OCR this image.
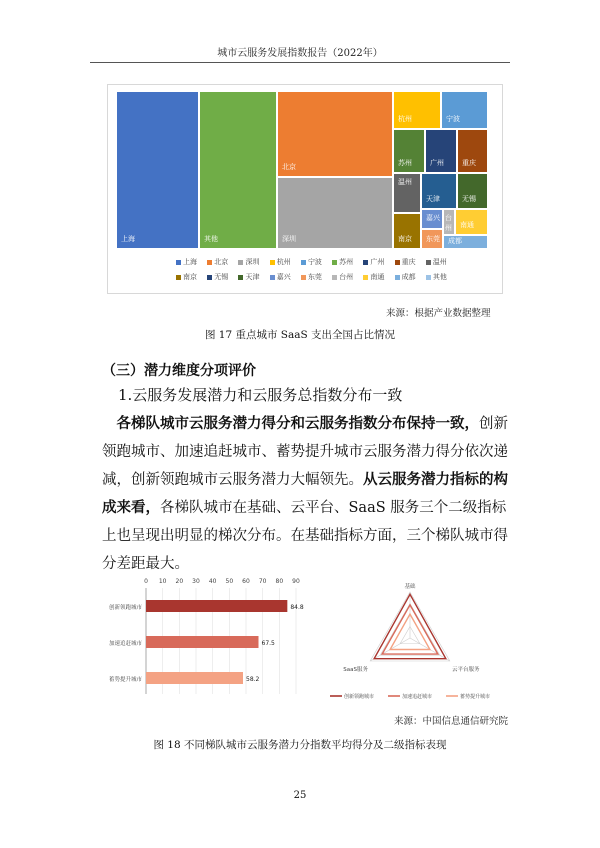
城市云服务发展指数报告（2022年）
上海	其他
北京
深圳
杭州	宁波
苏州	广州	重庆
温州
天津
南京
无锡
嘉兴
东莞
台州 南通
成都
上海 北京 深圳 杭州 宁波 苏州 广州 重庆 温州
南京 无锡 天津 嘉兴 东莞 台州 南通 成都 其他
来源：根据产业数据整理
图 17 重点城市 SaaS 支出全国占比情况
（三）潜力维度分项评价
1.云服务发展潜力和云服务总指数分布一致
各梯队城市云服务潜力得分和云服务指数分布保持一致，创新领跑城市、加速追赶城市、蓄势提升城市云服务潜力得分依次递减，创新领跑城市云服务潜力大幅领先。从云服务潜力指标的构成来看，各梯队城市在基础、云平台、SaaS 服务三个二级指标上也呈现出明显的梯次分布。在基础指标方面，三个梯队城市得分差距最大。
0 10 20 30 40 50 60 70 80 90
创新领跑城市	84.8
加速追赶城市	67.5
蓄势提升城市	58.2
基础
云平台服务
SaaS服务
创新领跑城市	加速追赶城市	蓄势提升城市
来源：中国信息通信研究院
图 18 不同梯队城市云服务潜力分指数平均得分及二级指标表现
25
